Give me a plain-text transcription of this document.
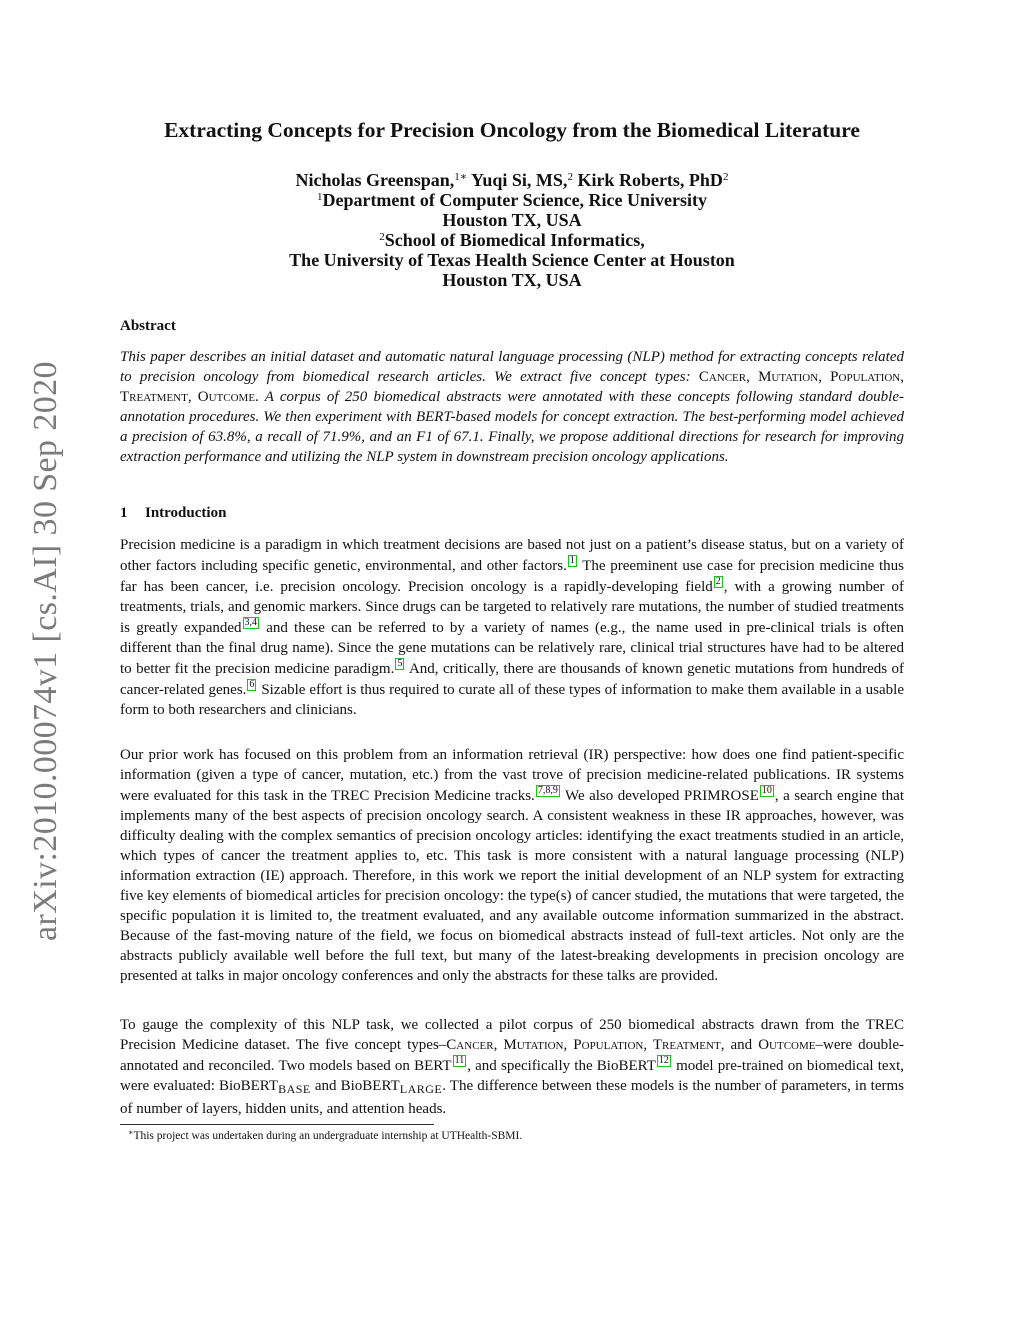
arXiv:2010.00074v1 [cs.AI] 30 Sep 2020
Extracting Concepts for Precision Oncology from the Biomedical Literature
Nicholas Greenspan,$^{1∗}$ Yuqi Si, MS,$^2$ Kirk Roberts, PhD$^2$
$^1$Department of Computer Science, Rice University
Houston TX, USA
$^2$School of Biomedical Informatics,
The University of Texas Health Science Center at Houston
Houston TX, USA
Abstract
This paper describes an initial dataset and automatic natural language processing (NLP) method for extracting concepts related to precision oncology from biomedical research articles. We extract five concept types: Cancer, Mutation, Population, Treatment, Outcome. A corpus of 250 biomedical abstracts were annotated with these concepts following standard double-annotation procedures. We then experiment with BERT-based models for concept extraction. The best-performing model achieved a precision of 63.8%, a recall of 71.9%, and an F1 of 67.1. Finally, we propose additional directions for research for improving extraction performance and utilizing the NLP system in downstream precision oncology applications.
1 Introduction
Precision medicine is a paradigm in which treatment decisions are based not just on a patient’s disease status, but on a variety of other factors including specific genetic, environmental, and other factors. 1 The preeminent use case for precision medicine thus far has been cancer, i.e. precision oncology. Precision oncology is a rapidly-developing field 2 , with a growing number of treatments, trials, and genomic markers. Since drugs can be targeted to relatively rare mutations, the number of studied treatments is greatly expanded 3,4 and these can be referred to by a variety of names (e.g., the name used in pre-clinical trials is often different than the final drug name). Since the gene mutations can be relatively rare, clinical trial structures have had to be altered to better fit the precision medicine paradigm. 5 And, critically, there are thousands of known genetic mutations from hundreds of cancer-related genes. 6 Sizable effort is thus required to curate all of these types of information to make them available in a usable form to both researchers and clinicians.
Our prior work has focused on this problem from an information retrieval (IR) perspective: how does one find patient-specific information (given a type of cancer, mutation, etc.) from the vast trove of precision medicine-related publications. IR systems were evaluated for this task in the TREC Precision Medicine tracks. 7,8,9 We also developed PRIMROSE 10 , a search engine that implements many of the best aspects of precision oncology search. A consistent weakness in these IR approaches, however, was difficulty dealing with the complex semantics of precision oncology articles: identifying the exact treatments studied in an article, which types of cancer the treatment applies to, etc. This task is more consistent with a natural language processing (NLP) information extraction (IE) approach. Therefore, in this work we report the initial development of an NLP system for extracting five key elements of biomedical articles for precision oncology: the type(s) of cancer studied, the mutations that were targeted, the specific population it is limited to, the treatment evaluated, and any available outcome information summarized in the abstract. Because of the fast-moving nature of the field, we focus on biomedical abstracts instead of full-text articles. Not only are the abstracts publicly available well before the full text, but many of the latest-breaking developments in precision oncology are presented at talks in major oncology conferences and only the abstracts for these talks are provided.
To gauge the complexity of this NLP task, we collected a pilot corpus of 250 biomedical abstracts drawn from the TREC Precision Medicine dataset. The five concept types–Cancer, Mutation, Population, Treatment, and Outcome–were double-annotated and reconciled. Two models based on BERT 11 , and specifically the BioBERT 12 model pre-trained on biomedical text, were evaluated: BioBERT$_{BASE}$ and BioBERT$_{LARGE}$. The difference between these models is the number of parameters, in terms of number of layers, hidden units, and attention heads.
∗This project was undertaken during an undergraduate internship at UTHealth-SBMI.
